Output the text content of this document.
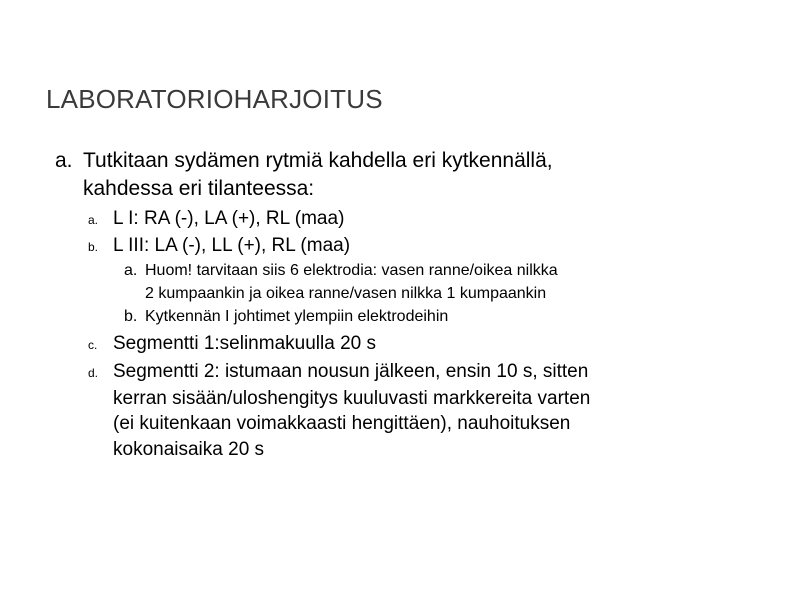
LABORATORIOHARJOITUS
a. Tutkitaan sydämen rytmiä kahdella eri kytkennällä,
kahdessa eri tilanteessa:
a. L I: RA (-), LA (+), RL (maa)
b. L III: LA (-), LL (+), RL (maa)
a. Huom! tarvitaan siis 6 elektrodia: vasen ranne/oikea nilkka
2 kumpaankin ja oikea ranne/vasen nilkka 1 kumpaankin
b. Kytkennän I johtimet ylempiin elektrodeihin
c. Segmentti 1:selinmakuulla 20 s
d. Segmentti 2: istumaan nousun jälkeen, ensin 10 s, sitten
kerran sisään/uloshengitys kuuluvasti markkereita varten
(ei kuitenkaan voimakkaasti hengittäen), nauhoituksen
kokonaisaika 20 s
